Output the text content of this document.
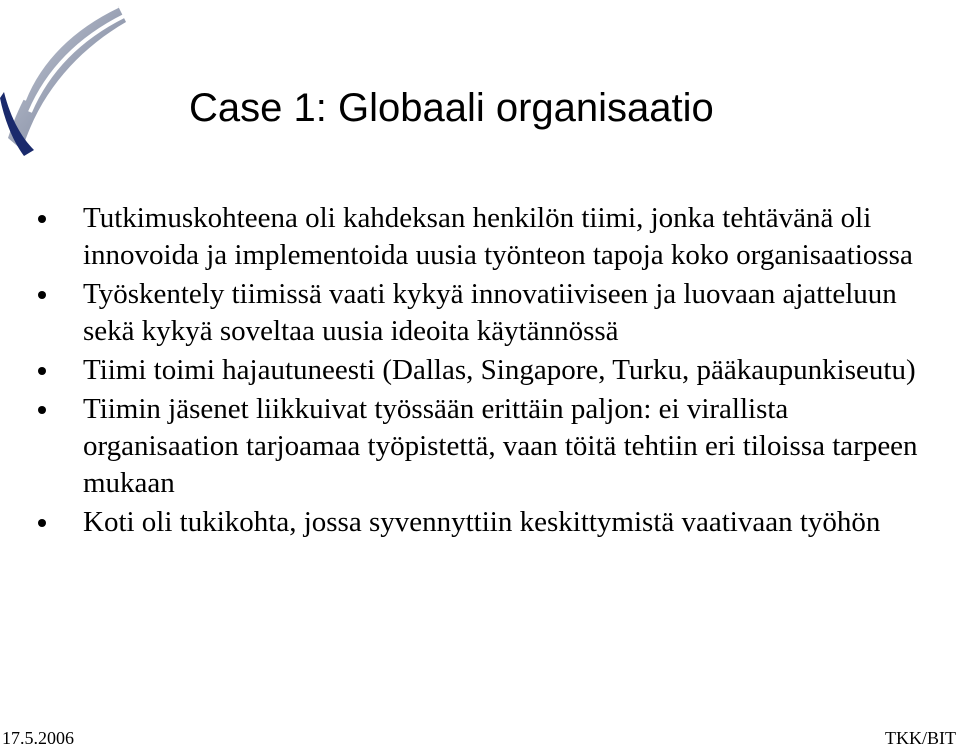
Case 1: Globaali organisaatio
Tutkimuskohteena oli kahdeksan henkilön tiimi, jonka tehtävänä oli innovoida ja implementoida uusia työnteon tapoja koko organisaatiossa
Työskentely tiimissä vaati kykyä innovatiiviseen ja luovaan ajatteluun sekä kykyä soveltaa uusia ideoita käytännössä
Tiimi toimi hajautuneesti (Dallas, Singapore, Turku, pääkaupunkiseutu)
Tiimin jäsenet liikkuivat työssään erittäin paljon: ei virallista organisaation tarjoamaa työpistettä, vaan töitä tehtiin eri tiloissa tarpeen mukaan
Koti oli tukikohta, jossa syvennyttiin keskittymistä vaativaan työhön
17.5.2006	TKK/BIT
